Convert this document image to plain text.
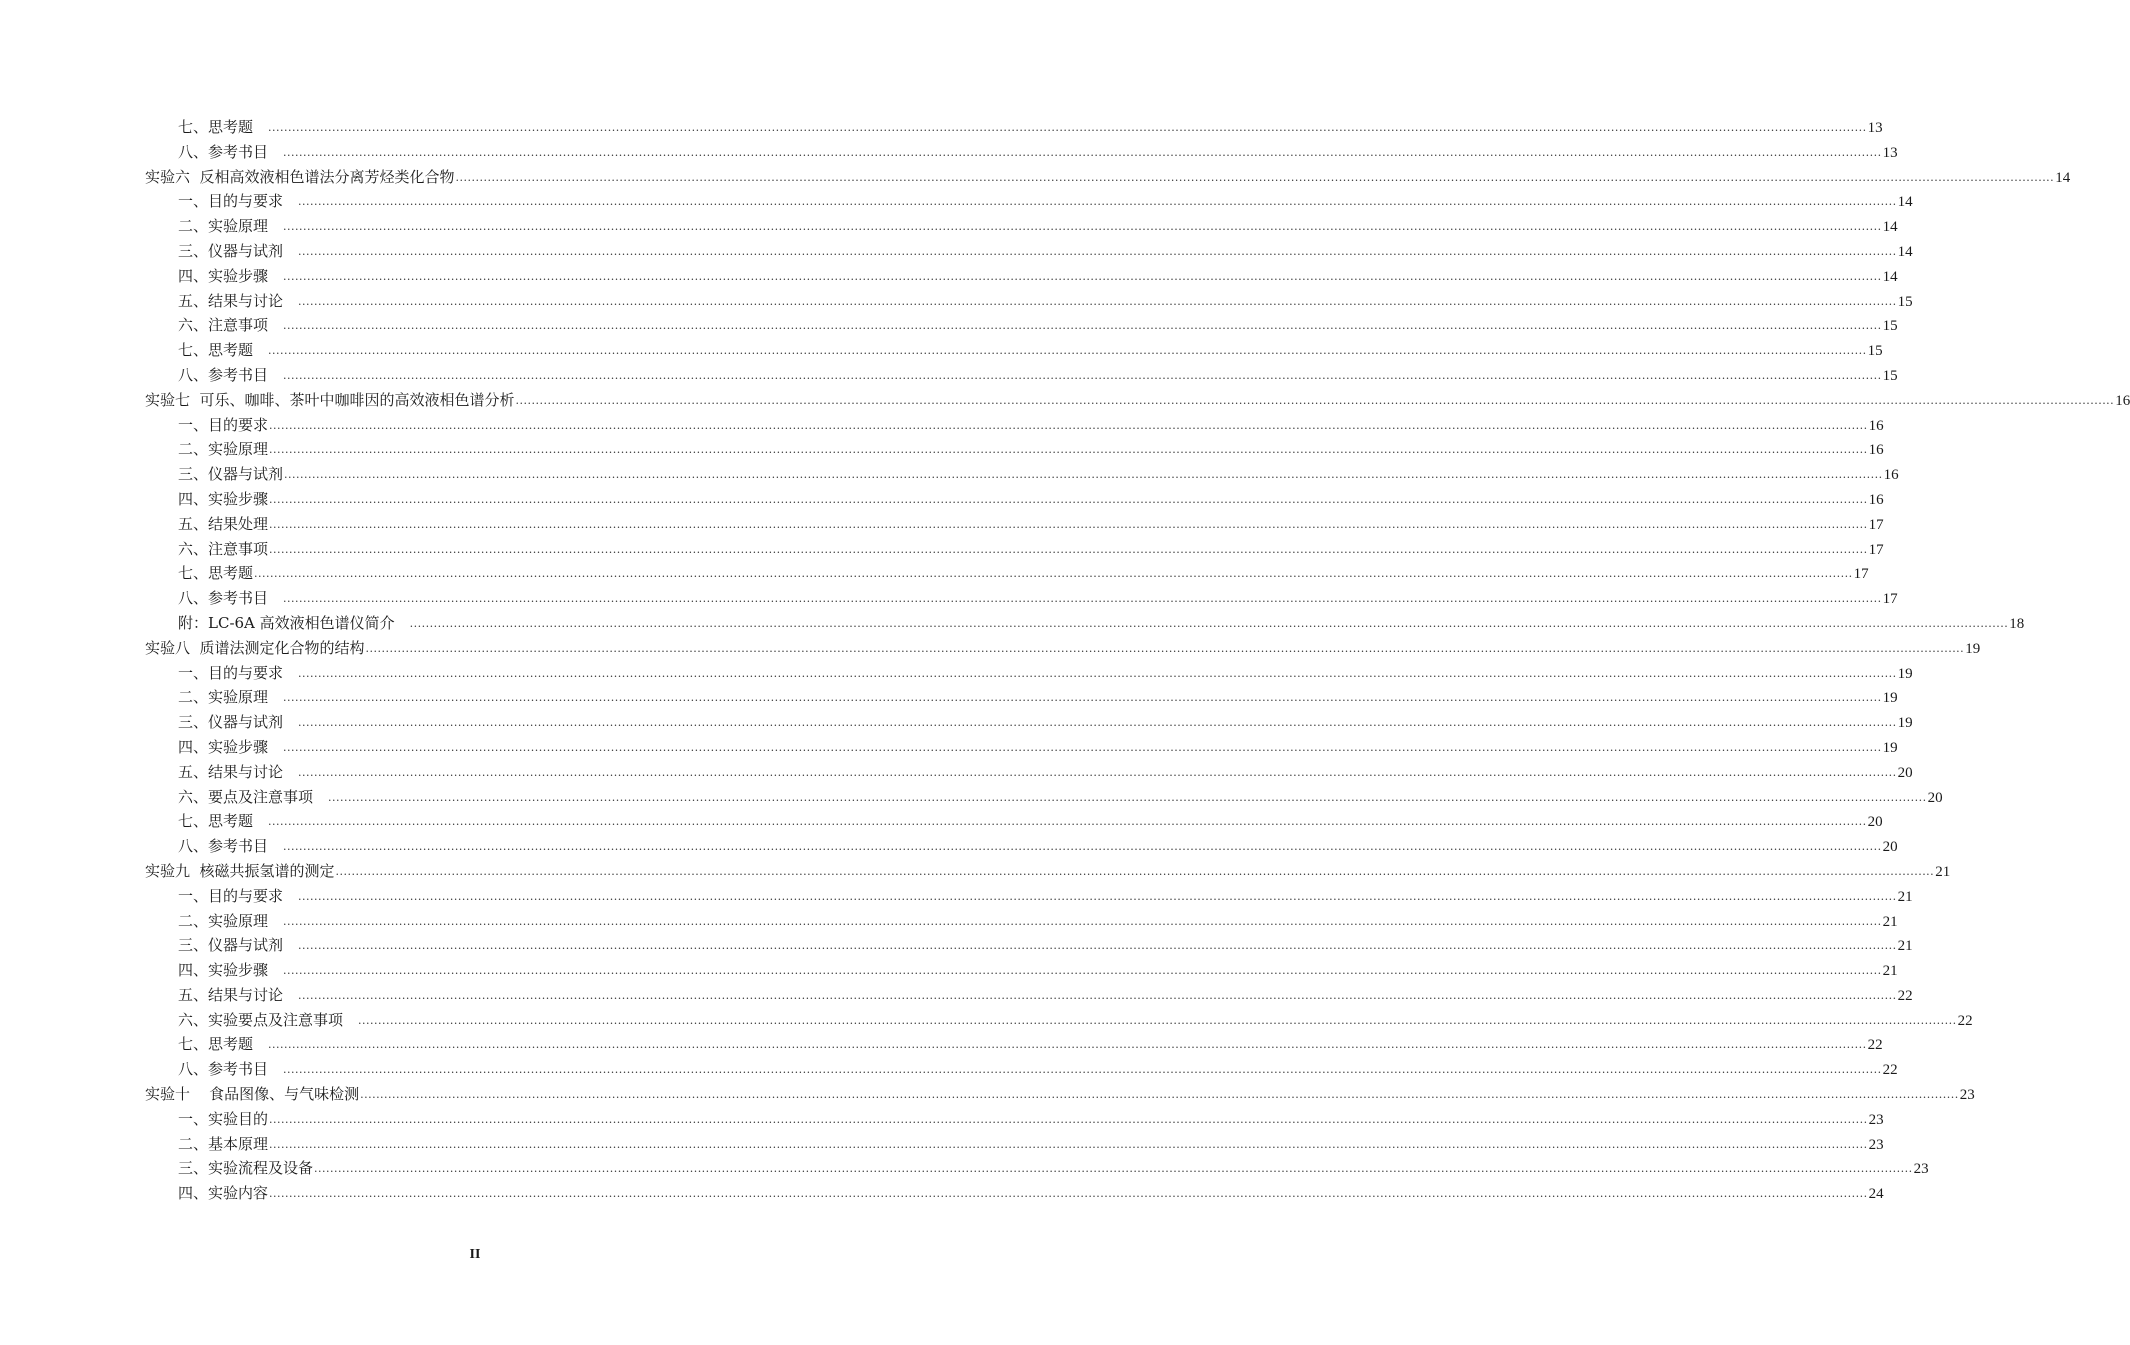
七、思考题 ................................................................................................................................................................................................................................................................................................................................................................................................................ 13
八、参考书目 ................................................................................................................................................................................................................................................................................................................................................................................................................ 13
实验六  反相高效液相色谱法分离芳烃类化合物 ................................................................................................................................................................................................................................................................................................................................................................................................................ 14
一、目的与要求 ................................................................................................................................................................................................................................................................................................................................................................................................................ 14
二、实验原理 ................................................................................................................................................................................................................................................................................................................................................................................................................ 14
三、仪器与试剂 ................................................................................................................................................................................................................................................................................................................................................................................................................ 14
四、实验步骤 ................................................................................................................................................................................................................................................................................................................................................................................................................ 14
五、结果与讨论 ................................................................................................................................................................................................................................................................................................................................................................................................................ 15
六、注意事项 ................................................................................................................................................................................................................................................................................................................................................................................................................ 15
七、思考题 ................................................................................................................................................................................................................................................................................................................................................................................................................ 15
八、参考书目 ................................................................................................................................................................................................................................................................................................................................................................................................................ 15
实验七  可乐、咖啡、茶叶中咖啡因的高效液相色谱分析 ................................................................................................................................................................................................................................................................................................................................................................................................................ 16
一、目的要求 ................................................................................................................................................................................................................................................................................................................................................................................................................ 16
二、实验原理 ................................................................................................................................................................................................................................................................................................................................................................................................................ 16
三、仪器与试剂 ................................................................................................................................................................................................................................................................................................................................................................................................................ 16
四、实验步骤 ................................................................................................................................................................................................................................................................................................................................................................................................................ 16
五、结果处理 ................................................................................................................................................................................................................................................................................................................................................................................................................ 17
六、注意事项 ................................................................................................................................................................................................................................................................................................................................................................................................................ 17
七、思考题 ................................................................................................................................................................................................................................................................................................................................................................................................................ 17
八、参考书目 ................................................................................................................................................................................................................................................................................................................................................................................................................ 17
附：LC-6A 高效液相色谱仪简介 ................................................................................................................................................................................................................................................................................................................................................................................................................ 18
实验八  质谱法测定化合物的结构 ................................................................................................................................................................................................................................................................................................................................................................................................................ 19
一、目的与要求 ................................................................................................................................................................................................................................................................................................................................................................................................................ 19
二、实验原理 ................................................................................................................................................................................................................................................................................................................................................................................................................ 19
三、仪器与试剂 ................................................................................................................................................................................................................................................................................................................................................................................................................ 19
四、实验步骤 ................................................................................................................................................................................................................................................................................................................................................................................................................ 19
五、结果与讨论 ................................................................................................................................................................................................................................................................................................................................................................................................................ 20
六、要点及注意事项 ................................................................................................................................................................................................................................................................................................................................................................................................................ 20
七、思考题 ................................................................................................................................................................................................................................................................................................................................................................................................................ 20
八、参考书目 ................................................................................................................................................................................................................................................................................................................................................................................................................ 20
实验九  核磁共振氢谱的测定 ................................................................................................................................................................................................................................................................................................................................................................................................................ 21
一、目的与要求 ................................................................................................................................................................................................................................................................................................................................................................................................................ 21
二、实验原理 ................................................................................................................................................................................................................................................................................................................................................................................................................ 21
三、仪器与试剂 ................................................................................................................................................................................................................................................................................................................................................................................................................ 21
四、实验步骤 ................................................................................................................................................................................................................................................................................................................................................................................................................ 21
五、结果与讨论 ................................................................................................................................................................................................................................................................................................................................................................................................................ 22
六、实验要点及注意事项 ................................................................................................................................................................................................................................................................................................................................................................................................................ 22
七、思考题 ................................................................................................................................................................................................................................................................................................................................................................................................................ 22
八、参考书目 ................................................................................................................................................................................................................................................................................................................................................................................................................ 22
实验十    食品图像、与气味检测 ................................................................................................................................................................................................................................................................................................................................................................................................................ 23
一、实验目的 ................................................................................................................................................................................................................................................................................................................................................................................................................ 23
二、基本原理 ................................................................................................................................................................................................................................................................................................................................................................................................................ 23
三、实验流程及设备 ................................................................................................................................................................................................................................................................................................................................................................................................................ 23
四、实验内容 ................................................................................................................................................................................................................................................................................................................................................................................................................ 24
II
